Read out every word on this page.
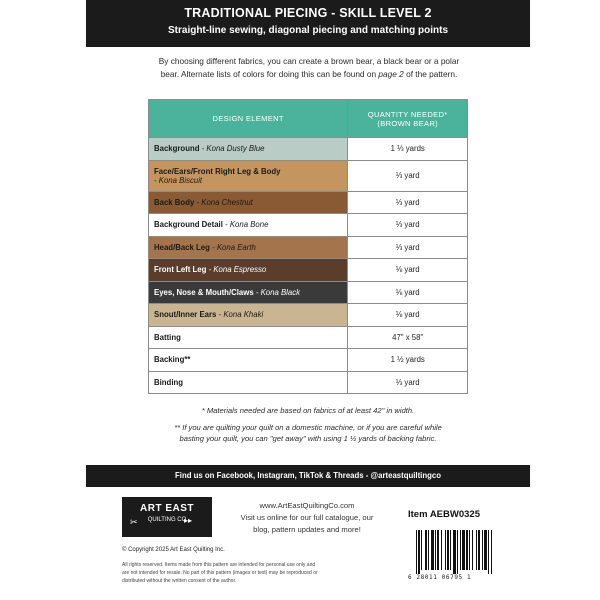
TRADITIONAL PIECING - SKILL LEVEL 2
Straight-line sewing, diagonal piecing and matching points
By choosing different fabrics, you can create a brown bear, a black bear or a polar
bear. Alternate lists of colors for doing this can be found on page 2 of the pattern.
DESIGN ELEMENT	QUANTITY NEEDED*
(BROWN BEAR)

Background - Kona Dusty Blue	1 ⅓ yards
Face/Ears/Front Right Leg & Body
- Kona Biscuit	⅓ yard
Back Body - Kona Chestnut	⅓ yard
Background Detail - Kona Bone	⅓ yard
Head/Back Leg - Kona Earth	⅓ yard
Front Left Leg - Kona Espresso	⅛ yard
Eyes, Nose & Mouth/Claws - Kona Black	⅛ yard
Snout/Inner Ears - Kona Khaki	⅛ yard
Batting	47" x 58"
Backing**	1 ½ yards
Binding	⅓ yard
* Materials needed are based on fabrics of at least 42" in width.
** If you are quilting your quilt on a domestic machine, or if you are careful while
basting your quilt, you can "get away" with using 1 ½ yards of backing fabric.
Find us on Facebook, Instagram, TikTok & Threads - @arteastquiltingco
ART EAST
✂	QUILTING CO
▸▸
www.ArtEastQuiltingCo.com
Visit us online for our full catalogue, our
blog, pattern updates and more!
Item AEBW0325
© Copyright 2025 Art East Quilting Inc.
All rights reserved. Items made from this pattern are intended for personal use only and
are not intended for resale. No part of this pattern (images or text) may be reproduced or
distributed without the written consent of the author.	6 28011 06795 1
